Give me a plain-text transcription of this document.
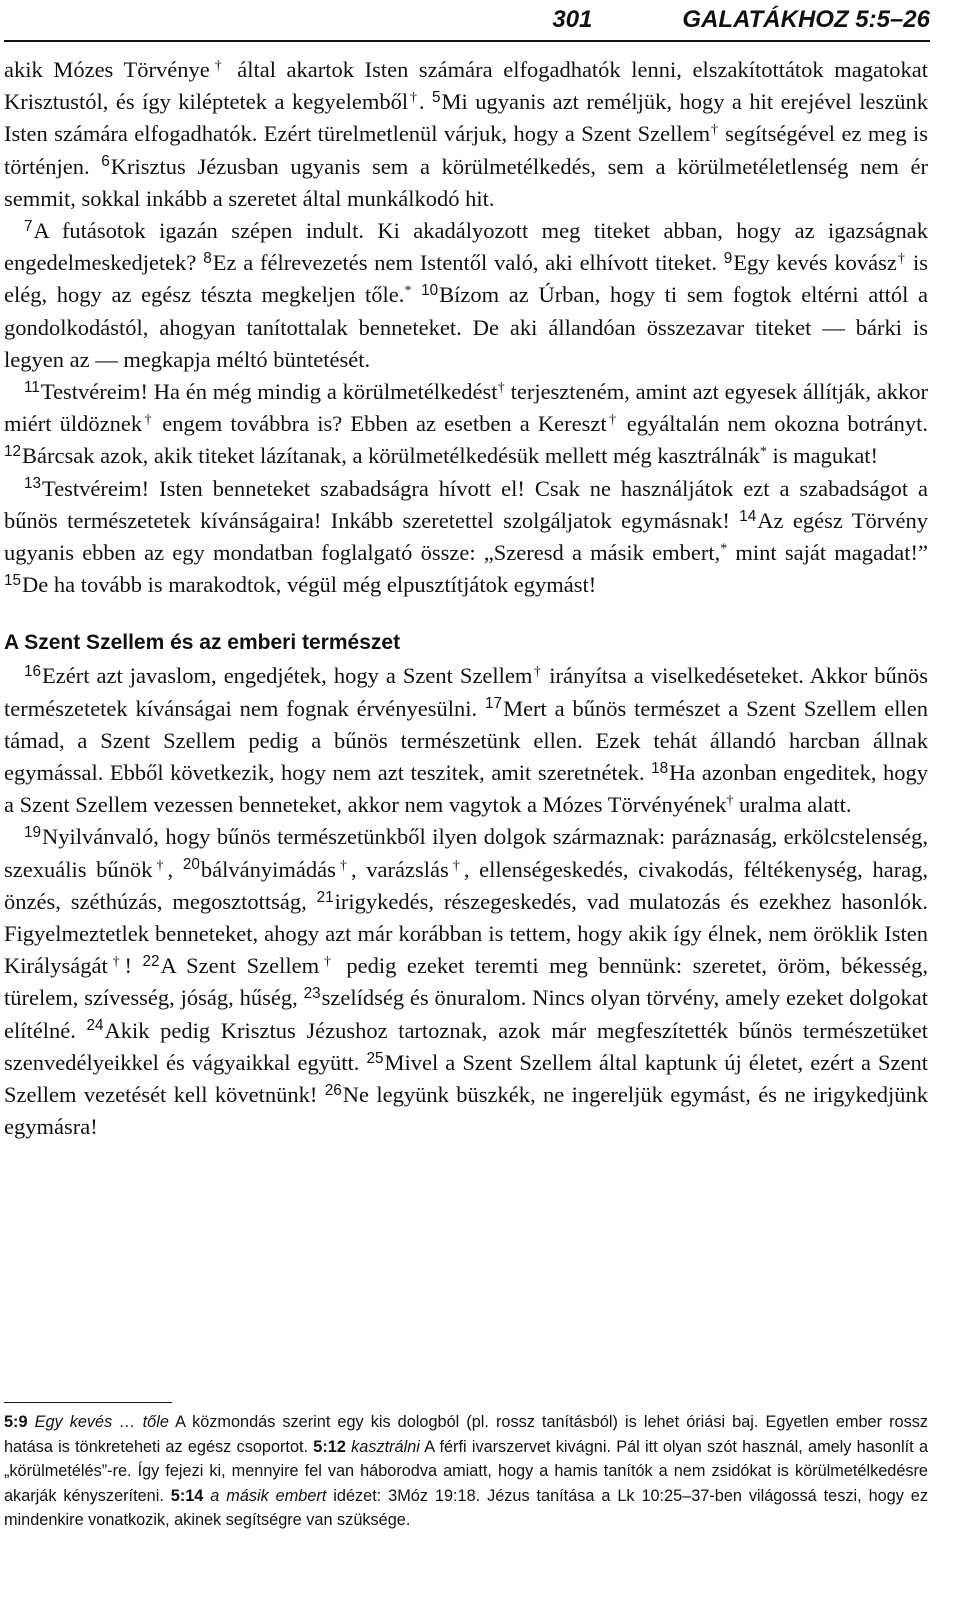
301	GALATÁKHOZ 5:5–26

akik Mózes Törvénye† által akartok Isten számára elfogadhatók lenni, elszakítottátok magatokat Krisztustól, és így kiléptetek a kegyelemből†. $^5$Mi ugyanis azt reméljük, hogy a hit erejével leszünk Isten számára elfogadhatók. Ezért türelmetlenül várjuk, hogy a Szent Szellem† segítségével ez meg is történjen. $^6$Krisztus Jézusban ugyanis sem a körülmetélkedés, sem a körülmetéletlenség nem ér semmit, sokkal inkább a szeretet által munkálkodó hit.

$^7$A futásotok igazán szépen indult. Ki akadályozott meg titeket abban, hogy az igazságnak engedelmeskedjetek? $^8$Ez a félrevezetés nem Istentől való, aki elhívott titeket. $^9$Egy kevés kovász† is elég, hogy az egész tészta megkeljen tőle.* $^{10}$Bízom az Úrban, hogy ti sem fogtok eltérni attól a gondolkodástól, ahogyan tanítottalak benneteket. De aki állandóan összezavar titeket — bárki is legyen az — megkapja méltó büntetését.

$^{11}$Testvéreim! Ha én még mindig a körülmetélkedést† terjeszteném, amint azt egyesek állítják, akkor miért üldöznek† engem továbbra is? Ebben az esetben a Kereszt† egyáltalán nem okozna botrányt. $^{12}$Bárcsak azok, akik titeket lázítanak, a körülmetélkedésük mellett még kasztrálnák* is magukat!

$^{13}$Testvéreim! Isten benneteket szabadságra hívott el! Csak ne használjátok ezt a szabadságot a bűnös természetetek kívánságaira! Inkább szeretettel szolgáljatok egymásnak! $^{14}$Az egész Törvény ugyanis ebben az egy mondatban foglalgató össze: „Szeresd a másik embert,* mint saját magadat!” $^{15}$De ha tovább is marakodtok, végül még elpusztítjátok egymást!

A Szent Szellem és az emberi természet

$^{16}$Ezért azt javaslom, engedjétek, hogy a Szent Szellem† irányítsa a viselkedéseteket. Akkor bűnös természetetek kívánságai nem fognak érvényesülni. $^{17}$Mert a bűnös természet a Szent Szellem ellen támad, a Szent Szellem pedig a bűnös természetünk ellen. Ezek tehát állandó harcban állnak egymással. Ebből következik, hogy nem azt teszitek, amit szeretnétek. $^{18}$Ha azonban engeditek, hogy a Szent Szellem vezessen benneteket, akkor nem vagytok a Mózes Törvényének† uralma alatt.

$^{19}$Nyilvánvaló, hogy bűnös természetünkből ilyen dolgok származnak: paráznaság, erkölcstelenség, szexuális bűnök†, $^{20}$bálványimádás†, varázslás†, ellenségeskedés, civakodás, féltékenység, harag, önzés, széthúzás, megosztottság, $^{21}$irigykedés, részegeskedés, vad mulatozás és ezekhez hasonlók. Figyelmeztetlek benneteket, ahogy azt már korábban is tettem, hogy akik így élnek, nem öröklik Isten Királyságát†! $^{22}$A Szent Szellem† pedig ezeket teremti meg bennünk: szeretet, öröm, békesség, türelem, szívesség, jóság, hűség, $^{23}$szelídség és önuralom. Nincs olyan törvény, amely ezeket dolgokat elítélné. $^{24}$Akik pedig Krisztus Jézushoz tartoznak, azok már megfeszítették bűnös természetüket szenvedélyeikkel és vágyaikkal együtt. $^{25}$Mivel a Szent Szellem által kaptunk új életet, ezért a Szent Szellem vezetését kell követnünk! $^{26}$Ne legyünk büszkék, ne ingereljük egymást, és ne irigykedjünk egymásra!

5:9 Egy kevés … tőle A közmondás szerint egy kis dologból (pl. rossz tanításból) is lehet óriási baj. Egyetlen ember rossz hatása is tönkreteheti az egész csoportot. 5:12 kasztrálni A férfi ivarszervet kivágni. Pál itt olyan szót használ, amely hasonlít a „körülmetélés”-re. Így fejezi ki, mennyire fel van háborodva amiatt, hogy a hamis tanítók a nem zsidókat is körülmetélkedésre akarják kényszeríteni. 5:14 a másik embert idézet: 3Móz 19:18. Jézus tanítása a Lk 10:25–37-ben világossá teszi, hogy ez mindenkire vonatkozik, akinek segítségre van szüksége.
